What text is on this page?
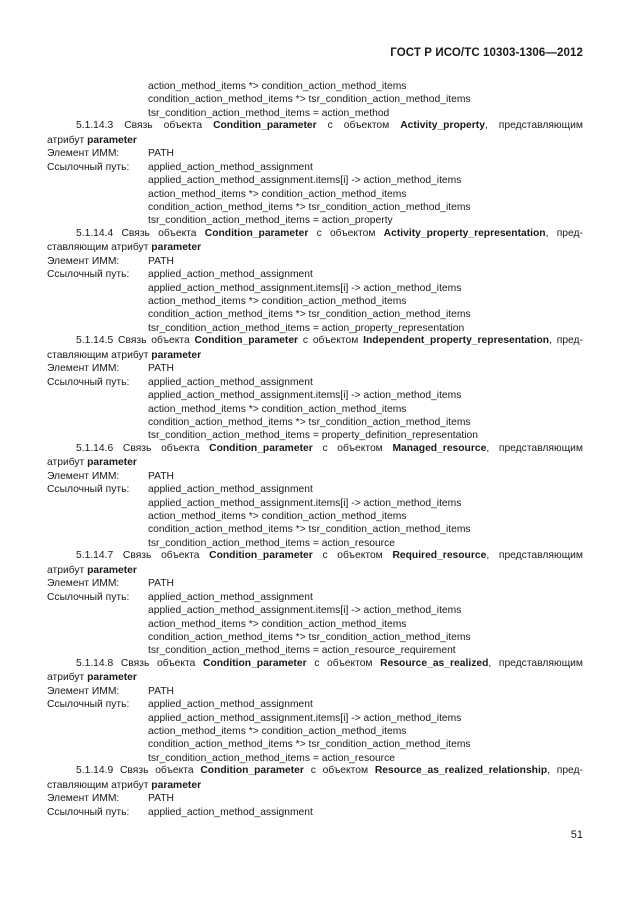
ГОСТ Р ИСО/ТС 10303-1306—2012
action_method_items *> condition_action_method_items
condition_action_method_items *> tsr_condition_action_method_items
tsr_condition_action_method_items = action_method
5.1.14.3 Связь объекта Condition_parameter с объектом Activity_property, представляющим
атрибут parameter
Элемент ИММ:	PATH
Ссылочный путь:	applied_action_method_assignment
applied_action_method_assignment.items[i] -> action_method_items
action_method_items *> condition_action_method_items
condition_action_method_items *> tsr_condition_action_method_items
tsr_condition_action_method_items = action_property
5.1.14.4 Связь объекта Condition_parameter с объектом Activity_property_representation, пред-
ставляющим атрибут parameter
Элемент ИММ:	PATH
Ссылочный путь:	applied_action_method_assignment
applied_action_method_assignment.items[i] -> action_method_items
action_method_items *> condition_action_method_items
condition_action_method_items *> tsr_condition_action_method_items
tsr_condition_action_method_items = action_property_representation
5.1.14.5 Связь объекта Condition_parameter с объектом Independent_property_representation, пред-
ставляющим атрибут parameter
Элемент ИММ:	PATH
Ссылочный путь:	applied_action_method_assignment
applied_action_method_assignment.items[i] -> action_method_items
action_method_items *> condition_action_method_items
condition_action_method_items *> tsr_condition_action_method_items
tsr_condition_action_method_items = property_definition_representation
5.1.14.6 Связь объекта Condition_parameter с объектом Managed_resource, представляющим
атрибут parameter
Элемент ИММ:	PATH
Ссылочный путь:	applied_action_method_assignment
applied_action_method_assignment.items[i] -> action_method_items
action_method_items *> condition_action_method_items
condition_action_method_items *> tsr_condition_action_method_items
tsr_condition_action_method_items = action_resource
5.1.14.7 Связь объекта Condition_parameter с объектом Required_resource, представляющим
атрибут parameter
Элемент ИММ:	PATH
Ссылочный путь:	applied_action_method_assignment
applied_action_method_assignment.items[i] -> action_method_items
action_method_items *> condition_action_method_items
condition_action_method_items *> tsr_condition_action_method_items
tsr_condition_action_method_items = action_resource_requirement
5.1.14.8 Связь объекта Condition_parameter с объектом Resource_as_realized, представляющим
атрибут parameter
Элемент ИММ:	PATH
Ссылочный путь:	applied_action_method_assignment
applied_action_method_assignment.items[i] -> action_method_items
action_method_items *> condition_action_method_items
condition_action_method_items *> tsr_condition_action_method_items
tsr_condition_action_method_items = action_resource
5.1.14.9 Связь объекта Condition_parameter с объектом Resource_as_realized_relationship, пред-
ставляющим атрибут parameter
Элемент ИММ:	PATH
Ссылочный путь:	applied_action_method_assignment
51
